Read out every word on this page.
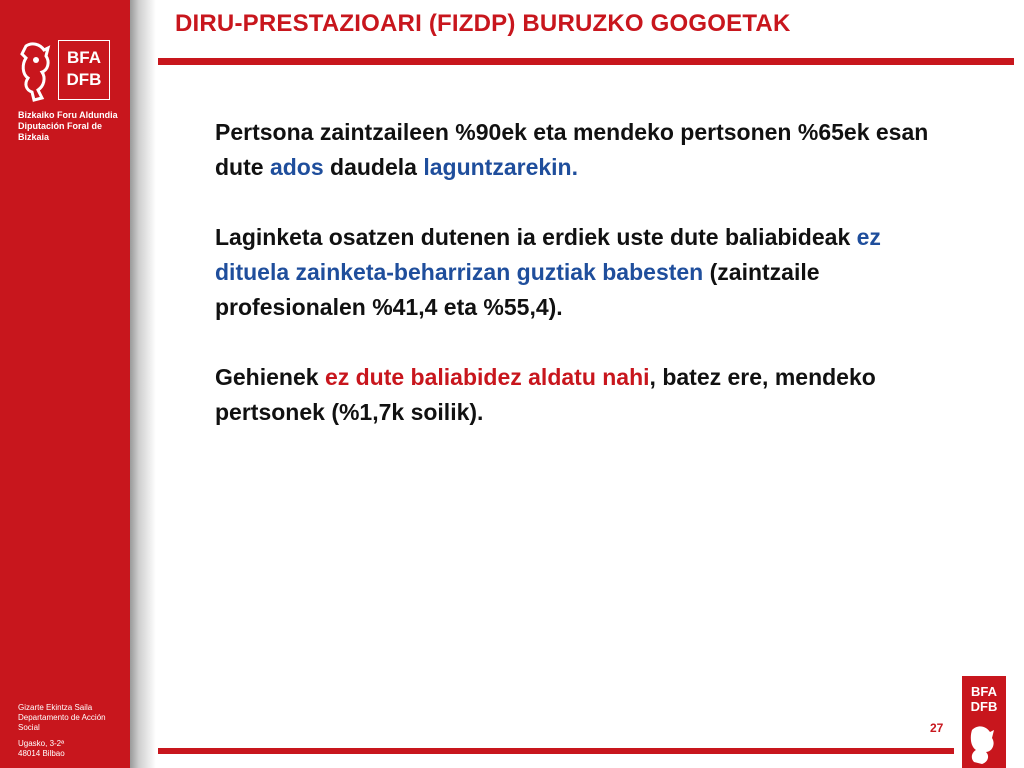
BFA
DFB
Bizkaiko Foru Aldundia
Diputación Foral de Bizkaia
Gizarte Ekintza Saila
Departamento de Acción Social
Ugasko, 3-2ª
48014 Bilbao
DIRU-PRESTAZIOARI (FIZDP) BURUZKO GOGOETAK

Pertsona zaintzaileen %90ek eta mendeko pertsonen %65ek esan dute ados daudela laguntzarekin.

Laginketa osatzen dutenen ia erdiek uste dute baliabideak ez dituela zainketa-beharrizan guztiak babesten (zaintzaile profesionalen %41,4 eta %55,4).

Gehienek ez dute baliabidez aldatu nahi, batez ere, mendeko pertsonek (%1,7k soilik).

27
BFA
DFB
